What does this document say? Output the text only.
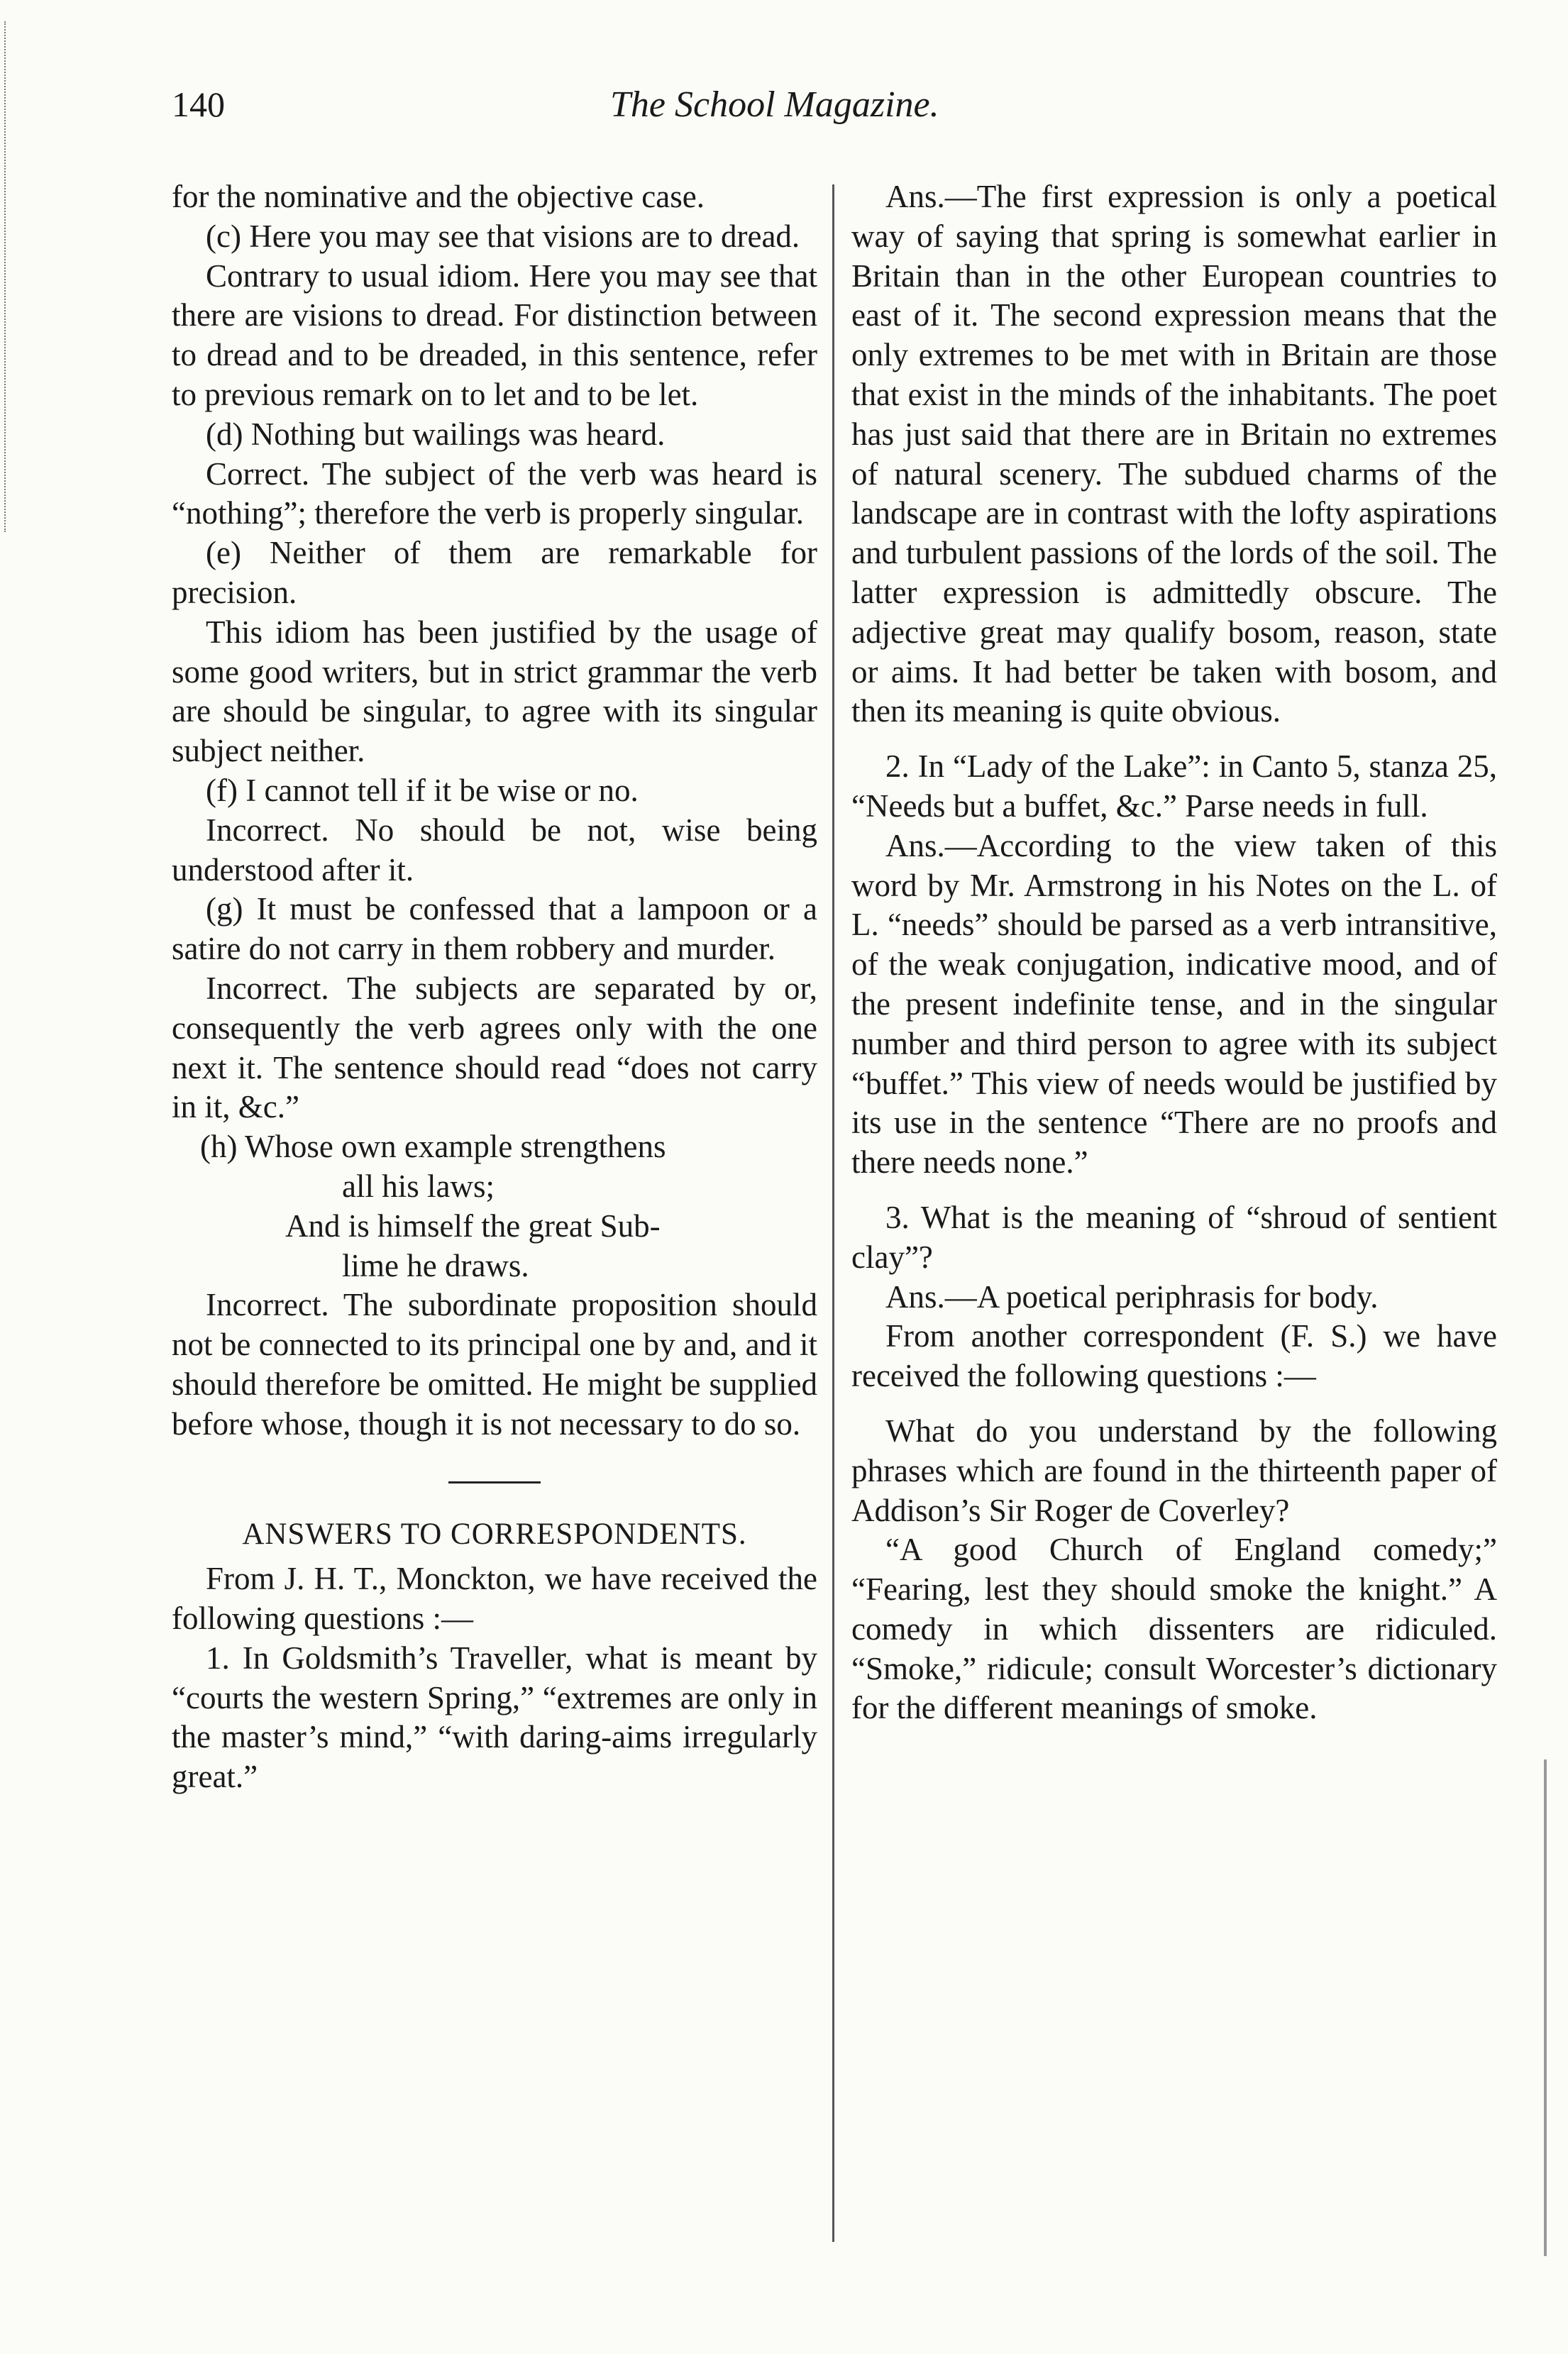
140	The School Magazine.

for the nominative and the objective case.

(c) Here you may see that visions are to dread.

Contrary to usual idiom. Here you may see that there are visions to dread. For distinction between to dread and to be dreaded, in this sentence, refer to previous remark on to let and to be let.

(d) Nothing but wailings was heard.

Correct. The subject of the verb was heard is “nothing”; therefore the verb is properly singular.

(e) Neither of them are remarkable for precision.

This idiom has been justified by the usage of some good writers, but in strict grammar the verb are should be singular, to agree with its singular subject neither.

(f) I cannot tell if it be wise or no.

Incorrect. No should be not, wise being understood after it.

(g) It must be confessed that a lampoon or a satire do not carry in them robbery and murder.

Incorrect. The subjects are separated by or, consequently the verb agrees only with the one next it. The sentence should read “does not carry in it, &c.”

(h) Whose own example strengthens
all his laws;
And is himself the great Sub-
lime he draws.

Incorrect. The subordinate proposition should not be connected to its principal one by and, and it should therefore be omitted. He might be supplied before whose, though it is not necessary to do so.

ANSWERS TO CORRESPONDENTS.

From J. H. T., Monckton, we have received the following questions :—

1. In Goldsmith’s Traveller, what is meant by “courts the western Spring,” “extremes are only in the master’s mind,” “with daring-aims irregularly great.”

Ans.—The first expression is only a poetical way of saying that spring is somewhat earlier in Britain than in the other European countries to east of it. The second expression means that the only extremes to be met with in Britain are those that exist in the minds of the inhabitants. The poet has just said that there are in Britain no extremes of natural scenery. The subdued charms of the landscape are in contrast with the lofty aspirations and turbulent passions of the lords of the soil. The latter expression is admittedly obscure. The adjective great may qualify bosom, reason, state or aims. It had better be taken with bosom, and then its meaning is quite obvious.

2. In “Lady of the Lake”: in Canto 5, stanza 25, “Needs but a buffet, &c.” Parse needs in full.

Ans.—According to the view taken of this word by Mr. Armstrong in his Notes on the L. of L. “needs” should be parsed as a verb intransitive, of the weak conjugation, indicative mood, and of the present indefinite tense, and in the singular number and third person to agree with its subject “buffet.” This view of needs would be justified by its use in the sentence “There are no proofs and there needs none.”

3. What is the meaning of “shroud of sentient clay”?

Ans.—A poetical periphrasis for body.

From another correspondent (F. S.) we have received the following questions :—

What do you understand by the following phrases which are found in the thirteenth paper of Addison’s Sir Roger de Coverley?

“A good Church of England comedy;” “Fearing, lest they should smoke the knight.” A comedy in which dissenters are ridiculed. “Smoke,” ridicule; consult Worcester’s dictionary for the different meanings of smoke.
